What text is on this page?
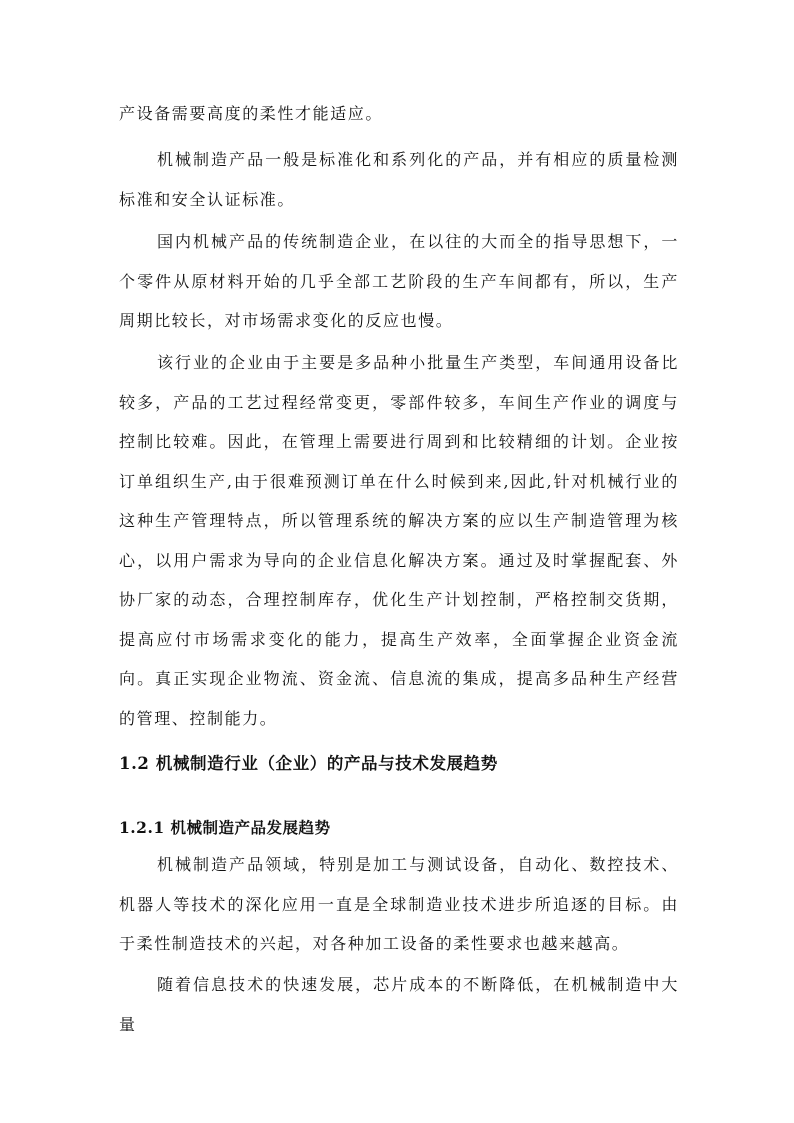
产设备需要高度的柔性才能适应。

机械制造产品一般是标准化和系列化的产品，并有相应的质量检测标准和安全认证标准。

国内机械产品的传统制造企业，在以往的大而全的指导思想下，一个零件从原材料开始的几乎全部工艺阶段的生产车间都有，所以，生产周期比较长，对市场需求变化的反应也慢。

该行业的企业由于主要是多品种小批量生产类型，车间通用设备比较多，产品的工艺过程经常变更，零部件较多，车间生产作业的调度与控制比较难。因此，在管理上需要进行周到和比较精细的计划。企业按订单组织生产,由于很难预测订单在什么时候到来,因此,针对机械行业的这种生产管理特点，所以管理系统的解决方案的应以生产制造管理为核心，以用户需求为导向的企业信息化解决方案。通过及时掌握配套、外协厂家的动态，合理控制库存，优化生产计划控制，严格控制交货期，提高应付市场需求变化的能力，提高生产效率，全面掌握企业资金流向。真正实现企业物流、资金流、信息流的集成，提高多品种生产经营的管理、控制能力。

1.2 机械制造行业（企业）的产品与技术发展趋势
1.2.1 机械制造产品发展趋势

机械制造产品领域，特别是加工与测试设备，自动化、数控技术、机器人等技术的深化应用一直是全球制造业技术进步所追逐的目标。由于柔性制造技术的兴起，对各种加工设备的柔性要求也越来越高。

随着信息技术的快速发展，芯片成本的不断降低，在机械制造中大量
